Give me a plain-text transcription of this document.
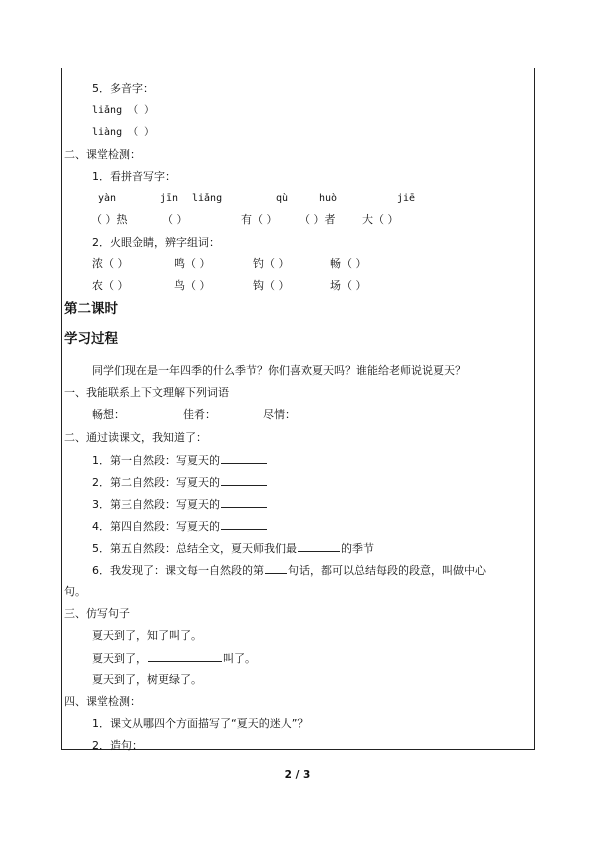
5．多音字：
liǎng （ ）
liàng （ ）
二、课堂检测：
1．看拼音写字：
yàn	jīn liǎng	qù	huò	jiē
（ ）热	（ ）	有（ ） （ ）者 大（ ）
2．火眼金睛，辨字组词：
浓（ ）	鸣（ ）	钓（ ）	畅（ ）
农（ ）	鸟（ ）	钩（ ）	场（ ）
第二课时
学习过程
同学们现在是一年四季的什么季节？你们喜欢夏天吗？谁能给老师说说夏天？
一、我能联系上下文理解下列词语
畅想：	佳肴：	尽情：
二、通过读课文，我知道了：
1．第一自然段：写夏天的
2．第二自然段：写夏天的
3．第三自然段：写夏天的
4．第四自然段：写夏天的
5．第五自然段：总结全文，夏天师我们最	的季节
6．我发现了：课文每一自然段的第 句话，都可以总结每段的段意，叫做中心
句。
三、仿写句子
夏天到了，知了叫了。
夏天到了，	叫了。
夏天到了，树更绿了。
四、课堂检测：
1．课文从哪四个方面描写了“夏天的迷人”？
2．造句：
2 / 3
